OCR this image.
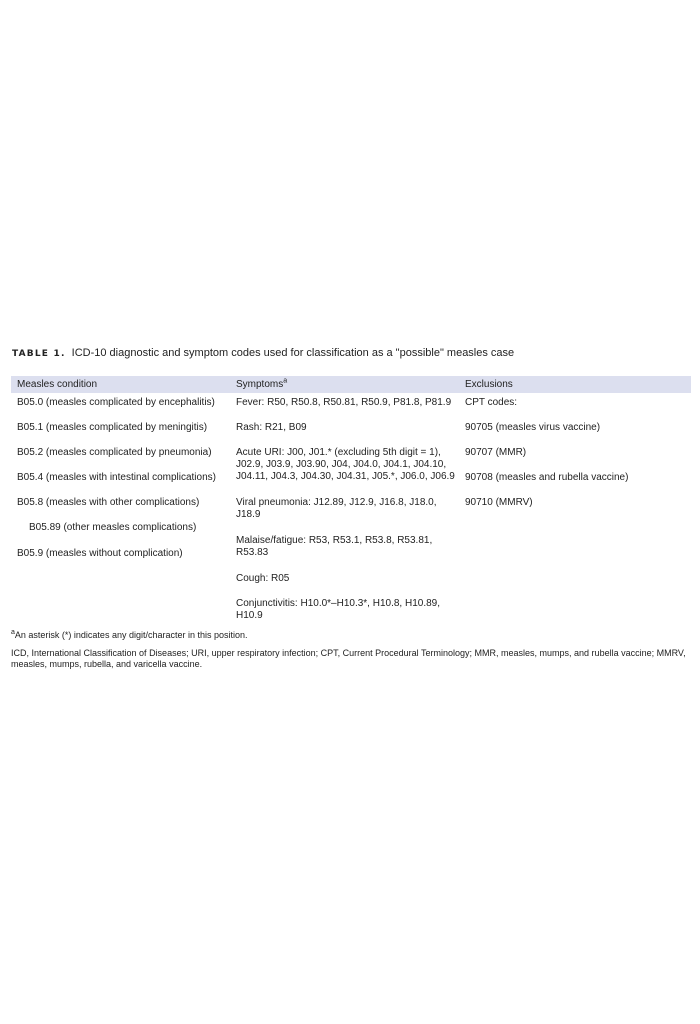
TABLE 1. ICD-10 diagnostic and symptom codes used for classification as a "possible" measles case
Measles condition	Symptoms$^a$	Exclusions
B05.0 (measles complicated by encephalitis)
B05.1 (measles complicated by meningitis)
B05.2 (measles complicated by pneumonia)
B05.4 (measles with intestinal complications)
B05.8 (measles with other complications)
B05.89 (other measles complications)
B05.9 (measles without complication)
Fever: R50, R50.8, R50.81, R50.9, P81.8, P81.9
Rash: R21, B09
Acute URI: J00, J01.* (excluding 5th digit = 1), J02.9, J03.9, J03.90, J04, J04.0, J04.1, J04.10, J04.11, J04.3, J04.30, J04.31, J05.*, J06.0, J06.9
Viral pneumonia: J12.89, J12.9, J16.8, J18.0, J18.9
Malaise/fatigue: R53, R53.1, R53.8, R53.81, R53.83
Cough: R05
Conjunctivitis: H10.0*–H10.3*, H10.8, H10.89, H10.9
CPT codes:
90705 (measles virus vaccine)
90707 (MMR)
90708 (measles and rubella vaccine)
90710 (MMRV)
$^a$An asterisk (*) indicates any digit/character in this position.
ICD, International Classification of Diseases; URI, upper respiratory infection; CPT, Current Procedural Terminology; MMR, measles, mumps, and rubella vaccine; MMRV, measles, mumps, rubella, and varicella vaccine.
